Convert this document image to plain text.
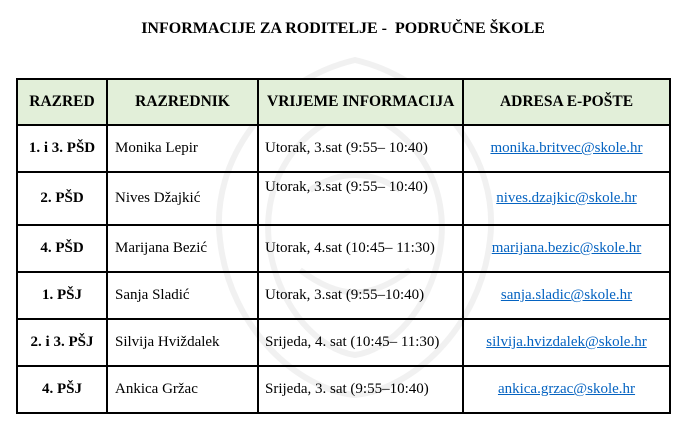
INFORMACIJE ZA RODITELJE -  PODRUČNE ŠKOLE
RAZRED	RAZREDNIK	VRIJEME INFORMACIJA	ADRESA E-POŠTE
1. i 3. PŠD	Monika Lepir	Utorak, 3.sat (9:55– 10:40)	monika.britvec@skole.hr
2. PŠD	Nives Džajkić	Utorak, 3.sat (9:55– 10:40)	nives.dzajkic@skole.hr
4. PŠD	Marijana Bezić	Utorak, 4.sat (10:45– 11:30)	marijana.bezic@skole.hr
1. PŠJ	Sanja Sladić	Utorak, 3.sat (9:55–10:40)	sanja.sladic@skole.hr
2. i 3. PŠJ	Silvija Hviždalek	Srijeda, 4. sat (10:45– 11:30)	silvija.hvizdalek@skole.hr
4. PŠJ	Ankica Gržac	Srijeda, 3. sat (9:55–10:40)	ankica.grzac@skole.hr
